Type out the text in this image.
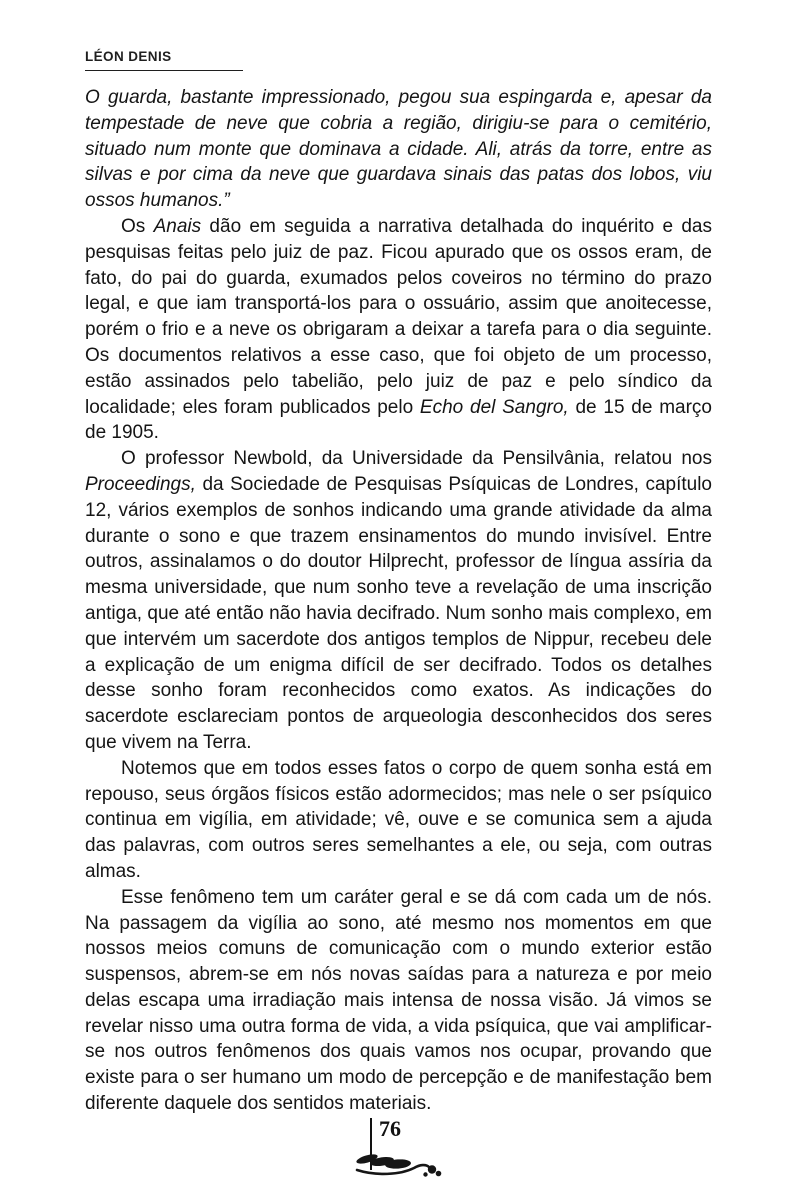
LÉON DENIS

O guarda, bastante impressionado, pegou sua espingarda e, apesar da tempestade de neve que cobria a região, dirigiu-se para o cemitério, situado num monte que dominava a cidade. Ali, atrás da torre, entre as silvas e por cima da neve que guardava sinais das patas dos lobos, viu ossos humanos.”

Os Anais dão em seguida a narrativa detalhada do inquérito e das pesquisas feitas pelo juiz de paz. Ficou apurado que os ossos eram, de fato, do pai do guarda, exumados pelos coveiros no término do prazo legal, e que iam transportá-los para o ossuário, assim que anoitecesse, porém o frio e a neve os obrigaram a deixar a tarefa para o dia seguinte. Os documentos relativos a esse caso, que foi objeto de um processo, estão assinados pelo tabelião, pelo juiz de paz e pelo síndico da localidade; eles foram publicados pelo Echo del Sangro, de 15 de março de 1905.

O professor Newbold, da Universidade da Pensilvânia, relatou nos Proceedings, da Sociedade de Pesquisas Psíquicas de Londres, capítulo 12, vários exemplos de sonhos indicando uma grande atividade da alma durante o sono e que trazem ensinamentos do mundo invisível. Entre outros, assinalamos o do doutor Hilprecht, professor de língua assíria da mesma universidade, que num sonho teve a revelação de uma inscrição antiga, que até então não havia decifrado. Num sonho mais complexo, em que intervém um sacerdote dos antigos templos de Nippur, recebeu dele a explicação de um enigma difícil de ser decifrado. Todos os detalhes desse sonho foram reconhecidos como exatos. As indicações do sacerdote esclareciam pontos de arqueologia desconhecidos dos seres que vivem na Terra.

Notemos que em todos esses fatos o corpo de quem sonha está em repouso, seus órgãos físicos estão adormecidos; mas nele o ser psíquico continua em vigília, em atividade; vê, ouve e se comunica sem a ajuda das palavras, com outros seres semelhantes a ele, ou seja, com outras almas.

Esse fenômeno tem um caráter geral e se dá com cada um de nós. Na passagem da vigília ao sono, até mesmo nos momentos em que nossos meios comuns de comunicação com o mundo exterior estão suspensos, abrem-se em nós novas saídas para a natureza e por meio delas escapa uma irradiação mais intensa de nossa visão. Já vimos se revelar nisso uma outra forma de vida, a vida psíquica, que vai amplificar-se nos outros fenômenos dos quais vamos nos ocupar, provando que existe para o ser humano um modo de percepção e de manifestação bem diferente daquele dos sentidos materiais.

76
